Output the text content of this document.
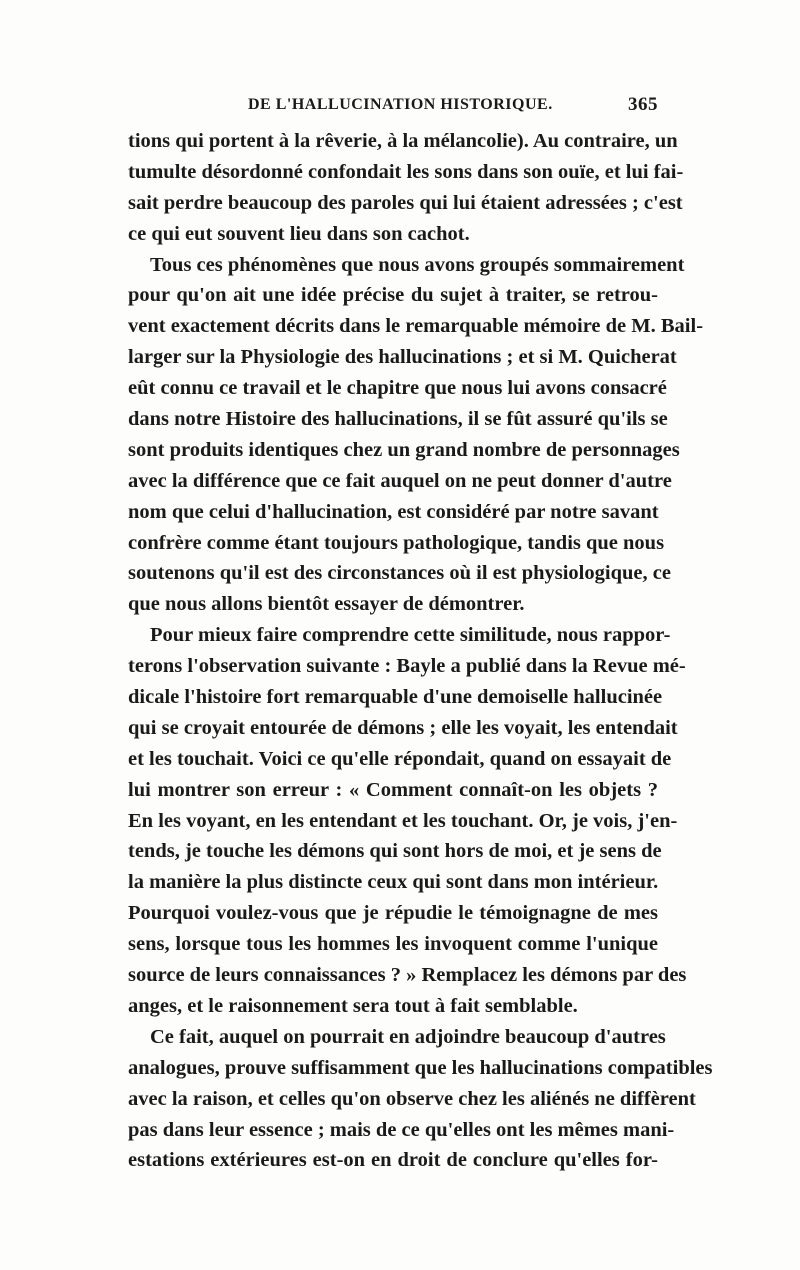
DE L'HALLUCINATION HISTORIQUE.	365
tions qui portent à la rêverie, à la mélancolie). Au contraire, un
tumulte désordonné confondait les sons dans son ouïe, et lui fai-
sait perdre beaucoup des paroles qui lui étaient adressées ; c'est
ce qui eut souvent lieu dans son cachot.
Tous ces phénomènes que nous avons groupés sommairement
pour qu'on ait une idée précise du sujet à traiter, se retrou-
vent exactement décrits dans le remarquable mémoire de M. Bail-
larger sur la Physiologie des hallucinations ; et si M. Quicherat
eût connu ce travail et le chapitre que nous lui avons consacré
dans notre Histoire des hallucinations, il se fût assuré qu'ils se
sont produits identiques chez un grand nombre de personnages
avec la différence que ce fait auquel on ne peut donner d'autre
nom que celui d'hallucination, est considéré par notre savant
confrère comme étant toujours pathologique, tandis que nous
soutenons qu'il est des circonstances où il est physiologique, ce
que nous allons bientôt essayer de démontrer.
Pour mieux faire comprendre cette similitude, nous rappor-
terons l'observation suivante : Bayle a publié dans la Revue mé-
dicale l'histoire fort remarquable d'une demoiselle hallucinée
qui se croyait entourée de démons ; elle les voyait, les entendait
et les touchait. Voici ce qu'elle répondait, quand on essayait de
lui montrer son erreur : « Comment connaît-on les objets ?
En les voyant, en les entendant et les touchant. Or, je vois, j'en-
tends, je touche les démons qui sont hors de moi, et je sens de
la manière la plus distincte ceux qui sont dans mon intérieur.
Pourquoi voulez-vous que je répudie le témoignagne de mes
sens, lorsque tous les hommes les invoquent comme l'unique
source de leurs connaissances ? » Remplacez les démons par des
anges, et le raisonnement sera tout à fait semblable.
Ce fait, auquel on pourrait en adjoindre beaucoup d'autres
analogues, prouve suffisamment que les hallucinations compatibles
avec la raison, et celles qu'on observe chez les aliénés ne diffèrent
pas dans leur essence ; mais de ce qu'elles ont les mêmes mani-
estations extérieures est-on en droit de conclure qu'elles for-
